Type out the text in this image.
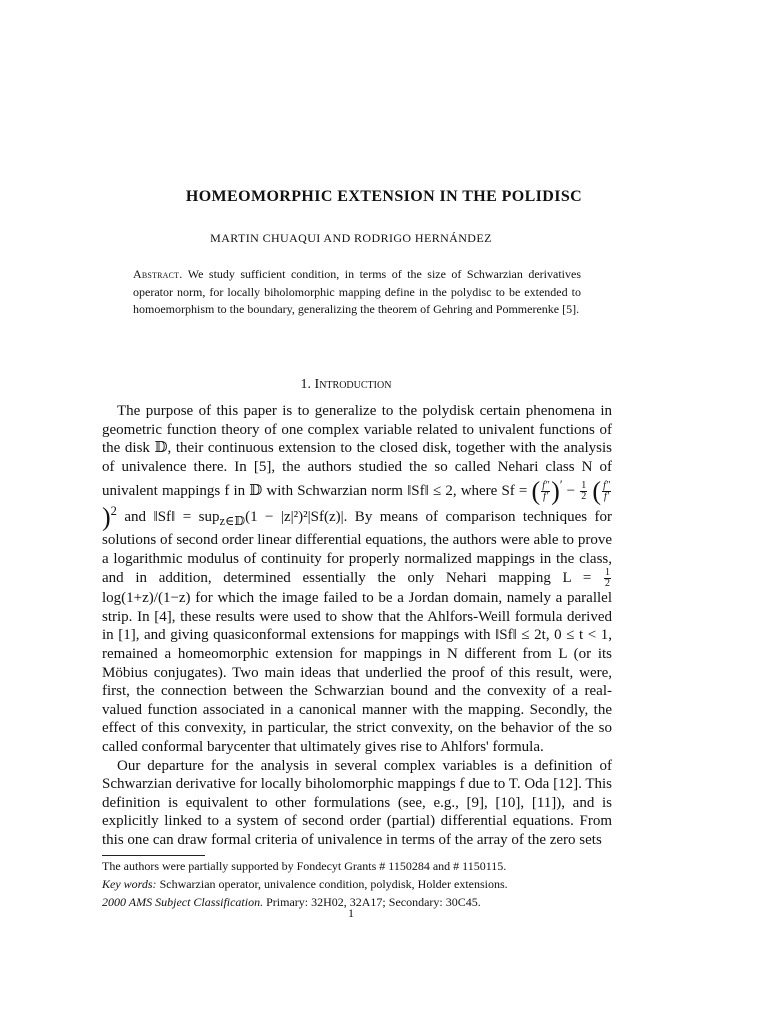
HOMEOMORPHIC EXTENSION IN THE POLIDISC
MARTIN CHUAQUI AND RODRIGO HERNÁNDEZ
Abstract. We study sufficient condition, in terms of the size of Schwarzian derivatives operator norm, for locally biholomorphic mapping define in the polydisc to be extended to homoemorphism to the boundary, generalizing the theorem of Gehring and Pommerenke [5].
1. Introduction

 The purpose of this paper is to generalize to the polydisk certain phenomena in geometric function theory of one complex variable related to univalent functions of the disk 𝔻, their continuous extension to the closed disk, together with the analysis of univalence there. In [5], the authors studied the so called Nehari class N of univalent mappings f in 𝔻 with Schwarzian norm ‖Sf‖ ≤ 2, where Sf = ( $\frac{f''}{f'} )' - \frac{1}{2}$ ( $\frac{f''}{f'}$
)$^2$ and ‖Sf‖ = sup$_{z\in 𝔻}$(1 − |z|²)²|Sf(z)|. By means of comparison techniques for solutions of second order linear differential equations, the authors were able to prove a logarithmic modulus of continuity for properly normalized mappings in the class, and in addition, determined essentially the only Nehari mapping $L = \frac{1}{2}$
log(1+z)/(1−z) for which the image failed to be a Jordan domain, namely a parallel strip. In [4], these results were used to show that the Ahlfors-Weill formula derived in [1], and giving quasiconformal extensions for mappings with ‖Sf‖ ≤ 2t, 0 ≤ t < 1, remained a homeomorphic extension for mappings in N different from L (or its Möbius conjugates). Two main ideas that underlied the proof of this result, were, first, the connection between the Schwarzian bound and the convexity of a real-valued function associated in a canonical manner with the mapping. Secondly, the effect of this convexity, in particular, the strict convexity, on the behavior of the so called conformal barycenter that ultimately gives rise to Ahlfors' formula.

 Our departure for the analysis in several complex variables is a definition of Schwarzian derivative for locally biholomorphic mappings f due to T. Oda [12]. This definition is equivalent to other formulations (see, e.g., [9], [10], [11]), and is explicitly linked to a system of second order (partial) differential equations. From this one can draw formal criteria of univalence in terms of the array of the zero sets

The authors were partially supported by Fondecyt Grants # 1150284 and # 1150115.
Key words: Schwarzian operator, univalence condition, polydisk, Holder extensions.
2000 AMS Subject Classification. Primary: 32H02, 32A17; Secondary: 30C45.
1
